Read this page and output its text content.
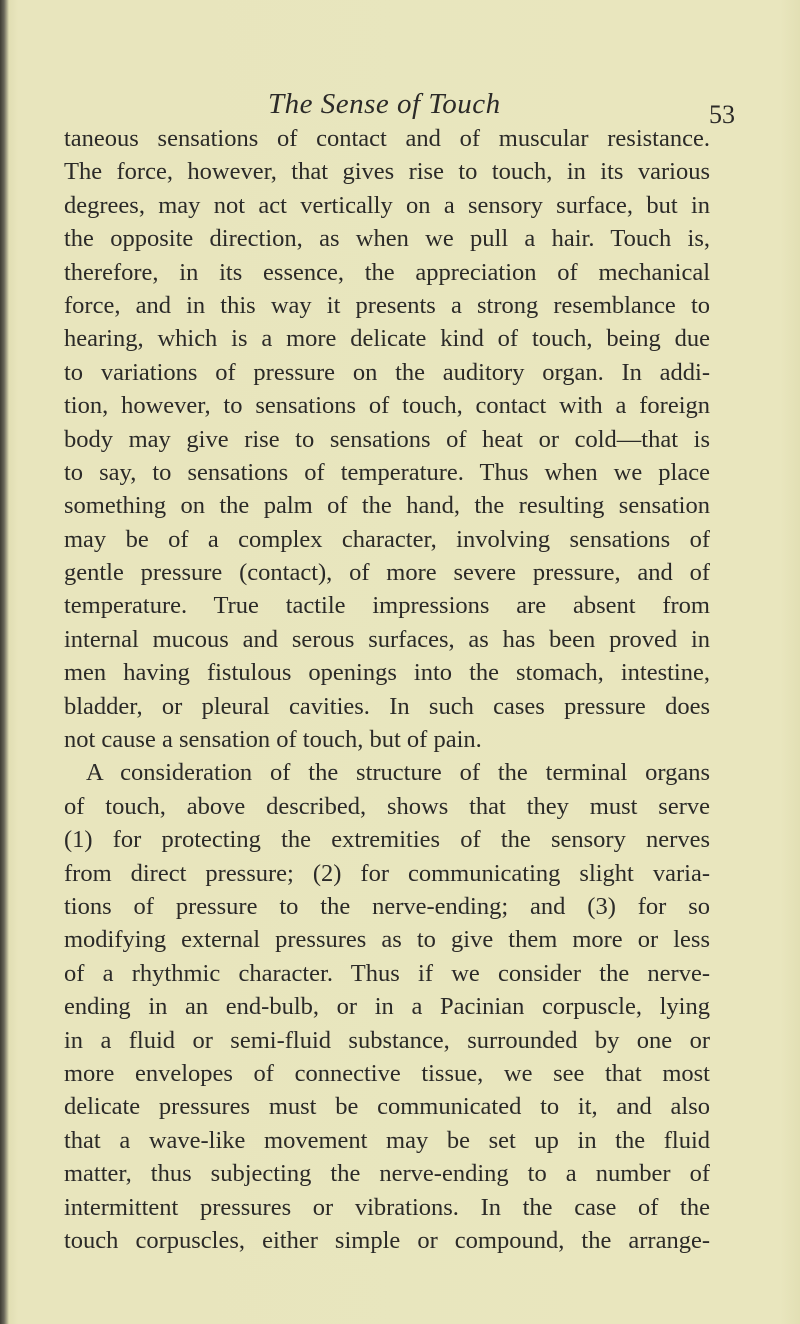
The Sense of Touch	53
taneous sensations of contact and of muscular resistance.
The force, however, that gives rise to touch, in its various
degrees, may not act vertically on a sensory surface, but in
the opposite direction, as when we pull a hair. Touch is,
therefore, in its essence, the appreciation of mechanical
force, and in this way it presents a strong resemblance to
hearing, which is a more delicate kind of touch, being due
to variations of pressure on the auditory organ. In addi-
tion, however, to sensations of touch, contact with a foreign
body may give rise to sensations of heat or cold—that is
to say, to sensations of temperature. Thus when we place
something on the palm of the hand, the resulting sensation
may be of a complex character, involving sensations of
gentle pressure (contact), of more severe pressure, and of
temperature. True tactile impressions are absent from
internal mucous and serous surfaces, as has been proved in
men having fistulous openings into the stomach, intestine,
bladder, or pleural cavities. In such cases pressure does
not cause a sensation of touch, but of pain.
A consideration of the structure of the terminal organs
of touch, above described, shows that they must serve
(1) for protecting the extremities of the sensory nerves
from direct pressure; (2) for communicating slight varia-
tions of pressure to the nerve-ending; and (3) for so
modifying external pressures as to give them more or less
of a rhythmic character. Thus if we consider the nerve-
ending in an end-bulb, or in a Pacinian corpuscle, lying
in a fluid or semi-fluid substance, surrounded by one or
more envelopes of connective tissue, we see that most
delicate pressures must be communicated to it, and also
that a wave-like movement may be set up in the fluid
matter, thus subjecting the nerve-ending to a number of
intermittent pressures or vibrations. In the case of the
touch corpuscles, either simple or compound, the arrange-
